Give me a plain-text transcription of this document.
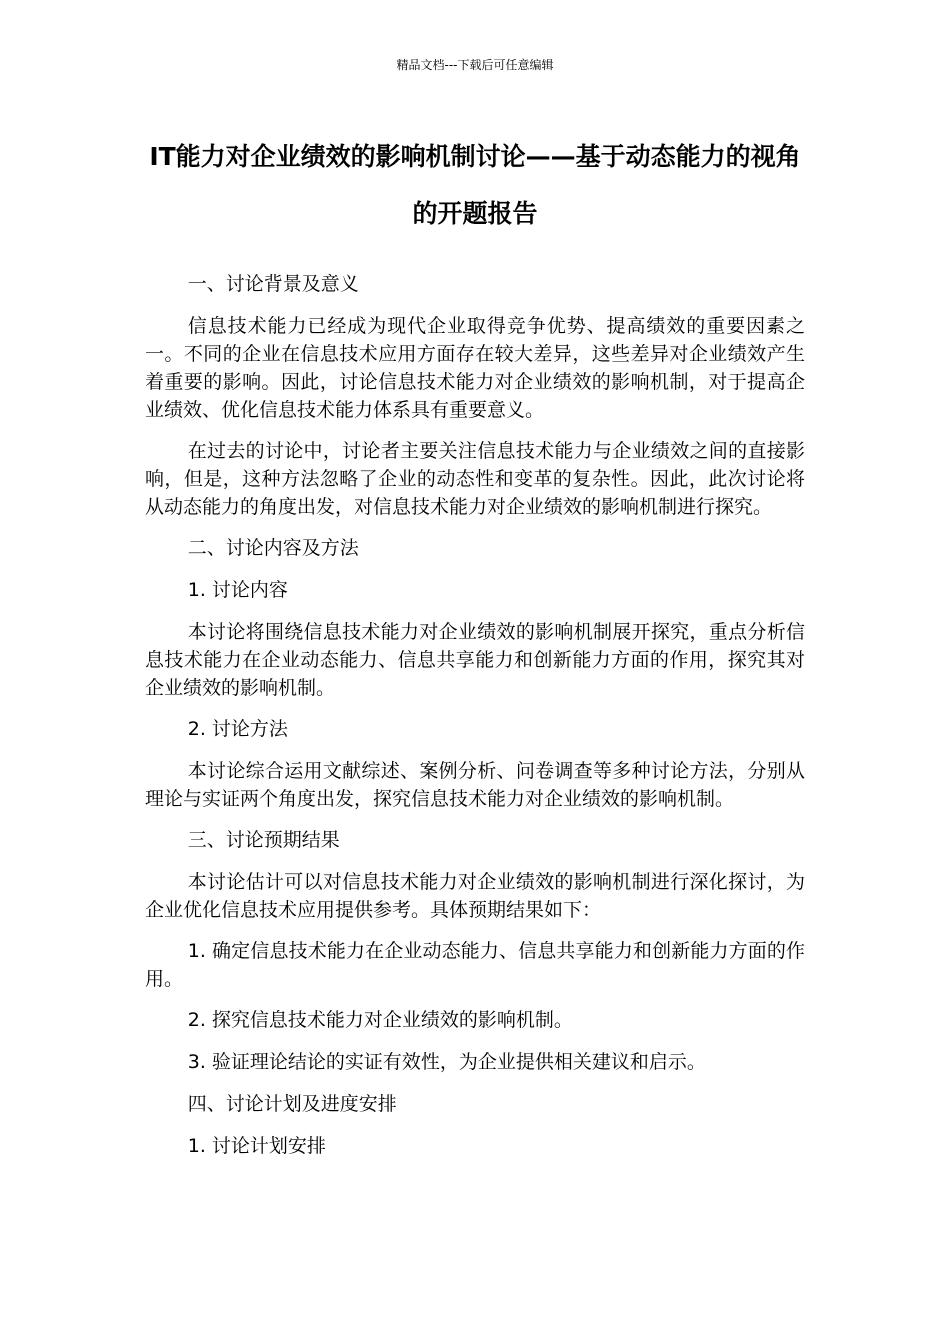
精品文档---下载后可任意编辑
IT能力对企业绩效的影响机制讨论——基于动态能力的视角的开题报告

一、讨论背景及意义

信息技术能力已经成为现代企业取得竞争优势、提高绩效的重要因素之一。不同的企业在信息技术应用方面存在较大差异，这些差异对企业绩效产生着重要的影响。因此，讨论信息技术能力对企业绩效的影响机制，对于提高企业绩效、优化信息技术能力体系具有重要意义。

在过去的讨论中，讨论者主要关注信息技术能力与企业绩效之间的直接影响，但是，这种方法忽略了企业的动态性和变革的复杂性。因此，此次讨论将从动态能力的角度出发，对信息技术能力对企业绩效的影响机制进行探究。

二、讨论内容及方法

1. 讨论内容

本讨论将围绕信息技术能力对企业绩效的影响机制展开探究，重点分析信息技术能力在企业动态能力、信息共享能力和创新能力方面的作用，探究其对企业绩效的影响机制。

2. 讨论方法

本讨论综合运用文献综述、案例分析、问卷调查等多种讨论方法，分别从理论与实证两个角度出发，探究信息技术能力对企业绩效的影响机制。

三、讨论预期结果

本讨论估计可以对信息技术能力对企业绩效的影响机制进行深化探讨，为企业优化信息技术应用提供参考。具体预期结果如下：

1. 确定信息技术能力在企业动态能力、信息共享能力和创新能力方面的作用。

2. 探究信息技术能力对企业绩效的影响机制。

3. 验证理论结论的实证有效性，为企业提供相关建议和启示。

四、讨论计划及进度安排

1. 讨论计划安排
